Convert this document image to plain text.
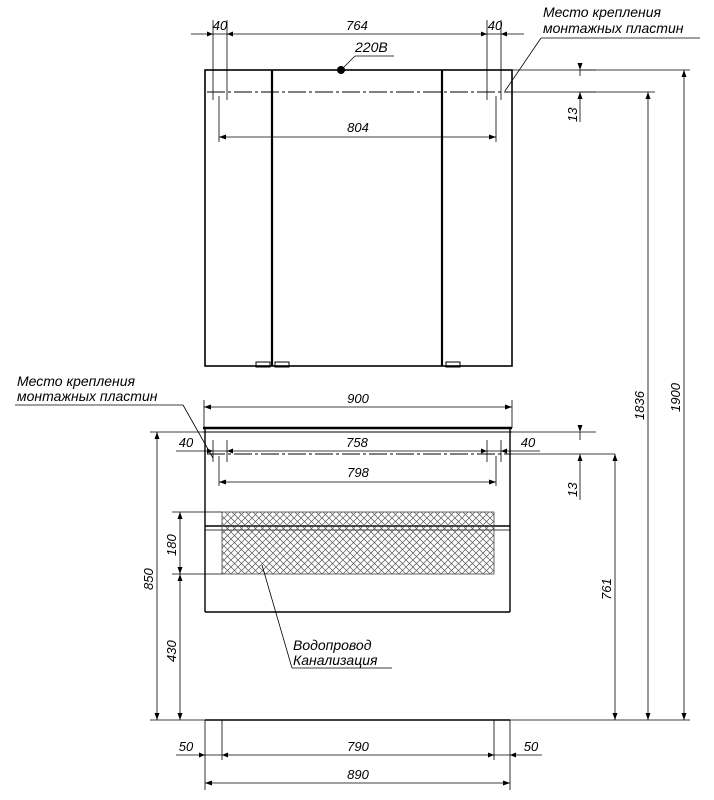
40	764	40
Место крепления
монтажных пластин
220В
804
13
900
40	758	40
Место крепления
монтажных пластин
798
13
850
180
430
761
1836 1900
Водопровод
Канализация
50	790	50
890
